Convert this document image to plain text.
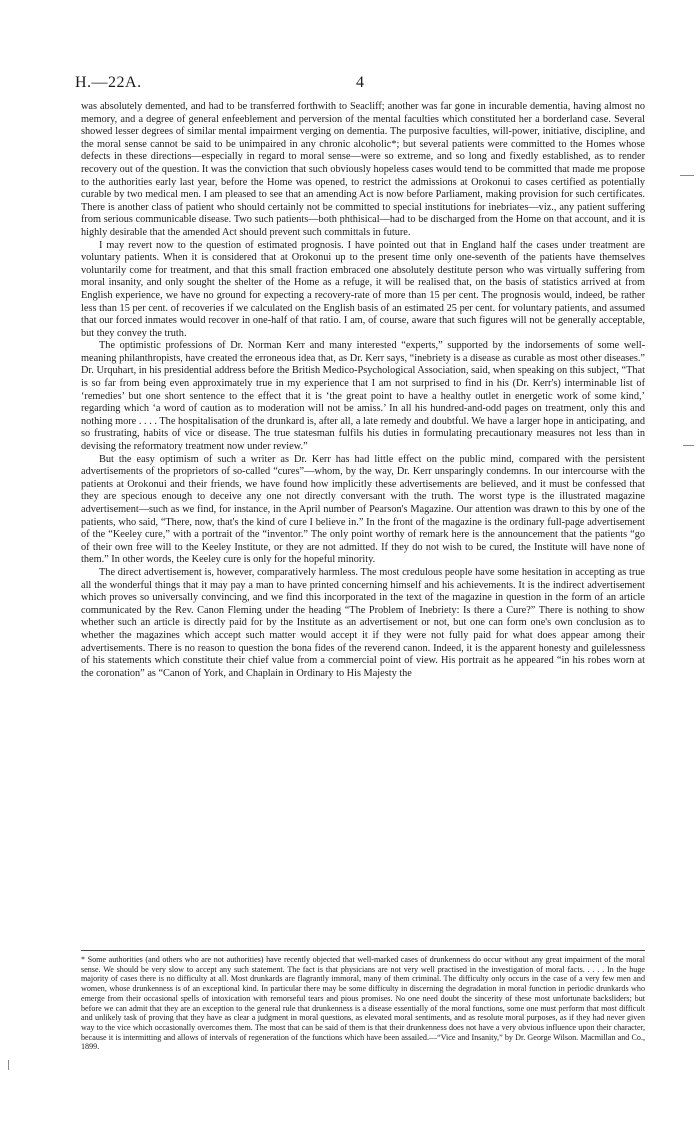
H.—22A.	4

was absolutely demented, and had to be transferred forthwith to Seacliff; another was far gone in incurable dementia, having almost no memory, and a degree of general enfeeblement and perversion of the mental faculties which constituted her a borderland case. Several showed lesser degrees of similar mental impairment verging on dementia. The purposive faculties, will-power, initiative, discipline, and the moral sense cannot be said to be unimpaired in any chronic alcoholic*; but several patients were committed to the Homes whose defects in these directions—especially in regard to moral sense—were so extreme, and so long and fixedly established, as to render recovery out of the question. It was the conviction that such obviously hopeless cases would tend to be committed that made me propose to the authorities early last year, before the Home was opened, to restrict the admissions at Orokonui to cases certified as potentially curable by two medical men. I am pleased to see that an amending Act is now before Parliament, making provision for such certificates. There is another class of patient who should certainly not be committed to special institutions for inebriates—viz., any patient suffering from serious communicable disease. Two such patients—both phthisical—had to be discharged from the Home on that account, and it is highly desirable that the amended Act should prevent such committals in future.

I may revert now to the question of estimated prognosis. I have pointed out that in England half the cases under treatment are voluntary patients. When it is considered that at Orokonui up to the present time only one-seventh of the patients have themselves voluntarily come for treatment, and that this small fraction embraced one absolutely destitute person who was virtually suffering from moral insanity, and only sought the shelter of the Home as a refuge, it will be realised that, on the basis of statistics arrived at from English experience, we have no ground for expecting a recovery-rate of more than 15 per cent. The prognosis would, indeed, be rather less than 15 per cent. of recoveries if we calculated on the English basis of an estimated 25 per cent. for voluntary patients, and assumed that our forced inmates would recover in one-half of that ratio. I am, of course, aware that such figures will not be generally acceptable, but they convey the truth.

The optimistic professions of Dr. Norman Kerr and many interested “experts,” supported by the indorsements of some well-meaning philanthropists, have created the erroneous idea that, as Dr. Kerr says, “inebriety is a disease as curable as most other diseases.” Dr. Urquhart, in his presidential address before the British Medico-Psychological Association, said, when speaking on this subject, “That is so far from being even approximately true in my experience that I am not surprised to find in his (Dr. Kerr's) interminable list of ‘remedies’ but one short sentence to the effect that it is ‘the great point to have a healthy outlet in energetic work of some kind,’ regarding which ‘a word of caution as to moderation will not be amiss.’ In all his hundred-and-odd pages on treatment, only this and nothing more . . . . The hospitalisation of the drunkard is, after all, a late remedy and doubtful. We have a larger hope in anticipating, and so frustrating, habits of vice or disease. The true statesman fulfils his duties in formulating precautionary measures not less than in devising the reformatory treatment now under review.”

But the easy optimism of such a writer as Dr. Kerr has had little effect on the public mind, compared with the persistent advertisements of the proprietors of so-called “cures”—whom, by the way, Dr. Kerr unsparingly condemns. In our intercourse with the patients at Orokonui and their friends, we have found how implicitly these advertisements are believed, and it must be confessed that they are specious enough to deceive any one not directly conversant with the truth. The worst type is the illustrated magazine advertisement—such as we find, for instance, in the April number of Pearson's Magazine. Our attention was drawn to this by one of the patients, who said, “There, now, that's the kind of cure I believe in.” In the front of the magazine is the ordinary full-page advertisement of the “Keeley cure,” with a portrait of the “inventor.” The only point worthy of remark here is the announcement that the patients “go of their own free will to the Keeley Institute, or they are not admitted. If they do not wish to be cured, the Institute will have none of them.” In other words, the Keeley cure is only for the hopeful minority.

The direct advertisement is, however, comparatively harmless. The most credulous people have some hesitation in accepting as true all the wonderful things that it may pay a man to have printed concerning himself and his achievements. It is the indirect advertisement which proves so universally convincing, and we find this incorporated in the text of the magazine in question in the form of an article communicated by the Rev. Canon Fleming under the heading “The Problem of Inebriety: Is there a Cure?” There is nothing to show whether such an article is directly paid for by the Institute as an advertisement or not, but one can form one's own conclusion as to whether the magazines which accept such matter would accept it if they were not fully paid for what does appear among their advertisements. There is no reason to question the bona fides of the reverend canon. Indeed, it is the apparent honesty and guilelessness of his statements which constitute their chief value from a commercial point of view. His portrait as he appeared “in his robes worn at the coronation” as “Canon of York, and Chaplain in Ordinary to His Majesty the

* Some authorities (and others who are not authorities) have recently objected that well-marked cases of drunkenness do occur without any great impairment of the moral sense. We should be very slow to accept any such statement. The fact is that physicians are not very well practised in the investigation of moral facts. . . . . In the huge majority of cases there is no difficulty at all. Most drunkards are flagrantly immoral, many of them criminal. The difficulty only occurs in the case of a very few men and women, whose drunkenness is of an exceptional kind. In particular there may be some difficulty in discerning the degradation in moral function in periodic drunkards who emerge from their occasional spells of intoxication with remorseful tears and pious promises. No one need doubt the sincerity of these most unfortunate backsliders; but before we can admit that they are an exception to the general rule that drunkenness is a disease essentially of the moral functions, some one must perform that most difficult and unlikely task of proving that they have as clear a judgment in moral questions, as elevated moral sentiments, and as resolute moral purposes, as if they had never given way to the vice which occasionally overcomes them. The most that can be said of them is that their drunkenness does not have a very obvious influence upon their character, because it is intermitting and allows of intervals of regeneration of the functions which have been assailed.—“Vice and Insanity,” by Dr. George Wilson. Macmillan and Co., 1899.
